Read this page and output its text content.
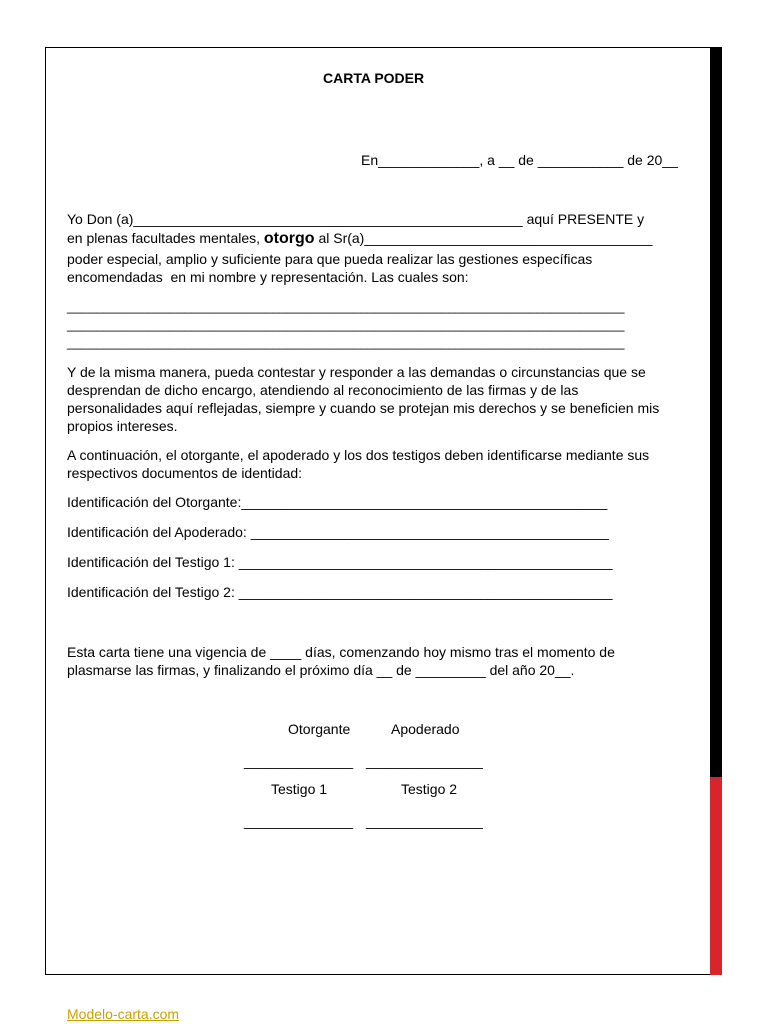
CARTA PODER
En_____________, a __ de ___________ de 20__
Yo Don (a)__________________________________________________ aquí PRESENTE y
en plenas facultades mentales, otorgo al Sr(a)_____________________________________
poder especial, amplio y suficiente para que pueda realizar las gestiones específicas
encomendadas  en mi nombre y representación. Las cuales son:
____________________________________________________________________________
____________________________________________________________________________
____________________________________________________________________________
Y de la misma manera, pueda contestar y responder a las demandas o circunstancias que se
desprendan de dicho encargo, atendiendo al reconocimiento de las firmas y de las
personalidades aquí reflejadas, siempre y cuando se protejan mis derechos y se beneficien mis
propios intereses.
A continuación, el otorgante, el apoderado y los dos testigos deben identificarse mediante sus
respectivos documentos de identidad:
Identificación del Otorgante:_______________________________________________
Identificación del Apoderado: ______________________________________________
Identificación del Testigo 1: ________________________________________________
Identificación del Testigo 2: ________________________________________________
Esta carta tiene una vigencia de ____ días, comenzando hoy mismo tras el momento de
plasmarse las firmas, y finalizando el próximo día __ de _________ del año 20__.
Otorgante	Apoderado
______________ _______________
Testigo 1	Testigo 2
______________ _______________
Modelo-carta.com
